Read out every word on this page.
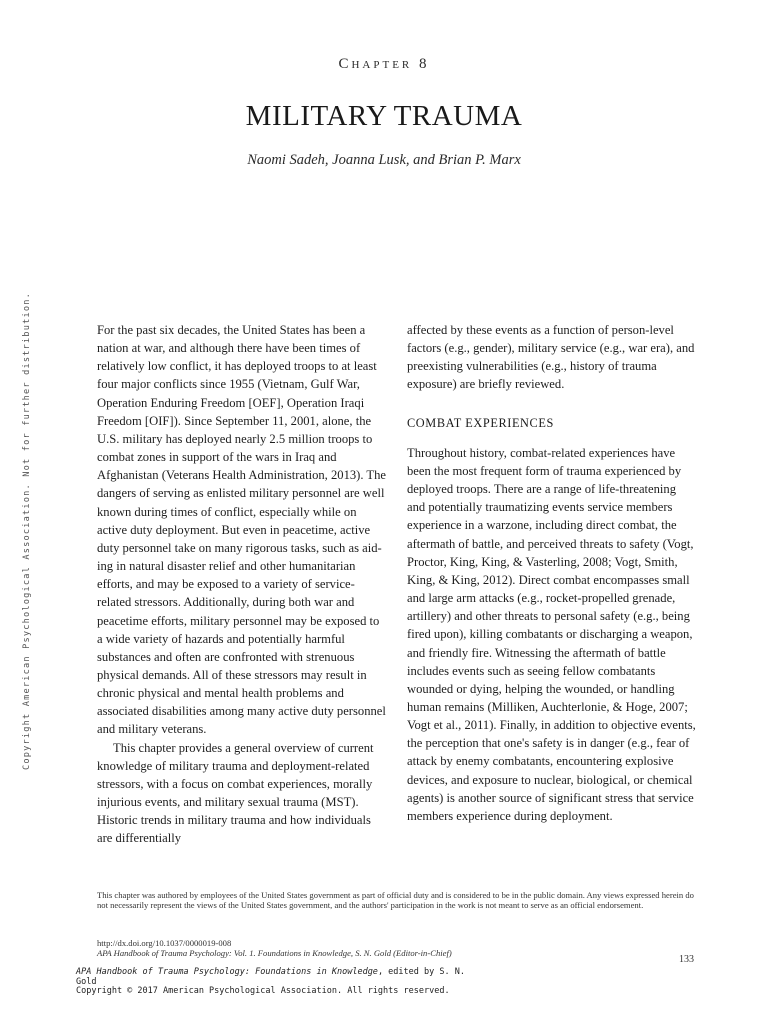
Chapter 8
MILITARY TRAUMA
Naomi Sadeh, Joanna Lusk, and Brian P. Marx
Copyright American Psychological Association. Not for further distribution.	For the past six decades, the United States has been a nation at war, and although there have been times of relatively low conflict, it has deployed troops to at least four major conflicts since 1955 (Vietnam, Gulf War, Operation Enduring Freedom [OEF], Operation Iraqi Freedom [OIF]). Since September 11, 2001, alone, the U.S. military has deployed nearly 2.5 million troops to combat zones in support of the wars in Iraq and Afghanistan (Veterans Health Administration, 2013). The dangers of serving as enlisted military personnel are well known during times of conflict, especially while on active duty deployment. But even in peacetime, active duty personnel take on many rigorous tasks, such as aiding in natural disaster relief and other humanitarian efforts, and may be exposed to a variety of service-related stressors. Additionally, during both war and peacetime efforts, military personnel may be exposed to a wide variety of hazards and potentially harmful substances and often are confronted with strenuous physical demands. All of these stressors may result in chronic physical and mental health problems and associated disabilities among many active duty personnel and military veterans.

This chapter provides a general overview of current knowledge of military trauma and deployment-related stressors, with a focus on combat experiences, morally injurious events, and military sexual trauma (MST). Historic trends in military trauma and how individuals are differentially

affected by these events as a function of person-level factors (e.g., gender), military service (e.g., war era), and preexisting vulnerabilities (e.g., history of trauma exposure) are briefly reviewed.

COMBAT EXPERIENCES

Throughout history, combat-related experiences have been the most frequent form of trauma experienced by deployed troops. There are a range of life-threatening and potentially traumatizing events service members experience in a warzone, including direct combat, the aftermath of battle, and perceived threats to safety (Vogt, Proctor, King, King, & Vasterling, 2008; Vogt, Smith, King, & King, 2012). Direct combat encompasses small and large arm attacks (e.g., rocket-propelled grenade, artillery) and other threats to personal safety (e.g., being fired upon), killing combatants or discharging a weapon, and friendly fire. Witnessing the aftermath of battle includes events such as seeing fellow combatants wounded or dying, helping the wounded, or handling human remains (Milliken, Auchterlonie, & Hoge, 2007; Vogt et al., 2011). Finally, in addition to objective events, the perception that one's safety is in danger (e.g., fear of attack by enemy combatants, encountering explosive devices, and exposure to nuclear, biological, or chemical agents) is another source of significant stress that service members experience during deployment.

This chapter was authored by employees of the United States government as part of official duty and is considered to be in the public domain. Any views expressed herein do not necessarily represent the views of the United States government, and the authors' participation in the work is not meant to serve as an official endorsement.
http://dx.doi.org/10.1037/0000019-008
APA Handbook of Trauma Psychology: Vol. 1. Foundations in Knowledge, S. N. Gold (Editor-in-Chief)
133
APA Handbook of Trauma Psychology: Foundations in Knowledge, edited by S. N. Gold
Copyright © 2017 American Psychological Association. All rights reserved.
